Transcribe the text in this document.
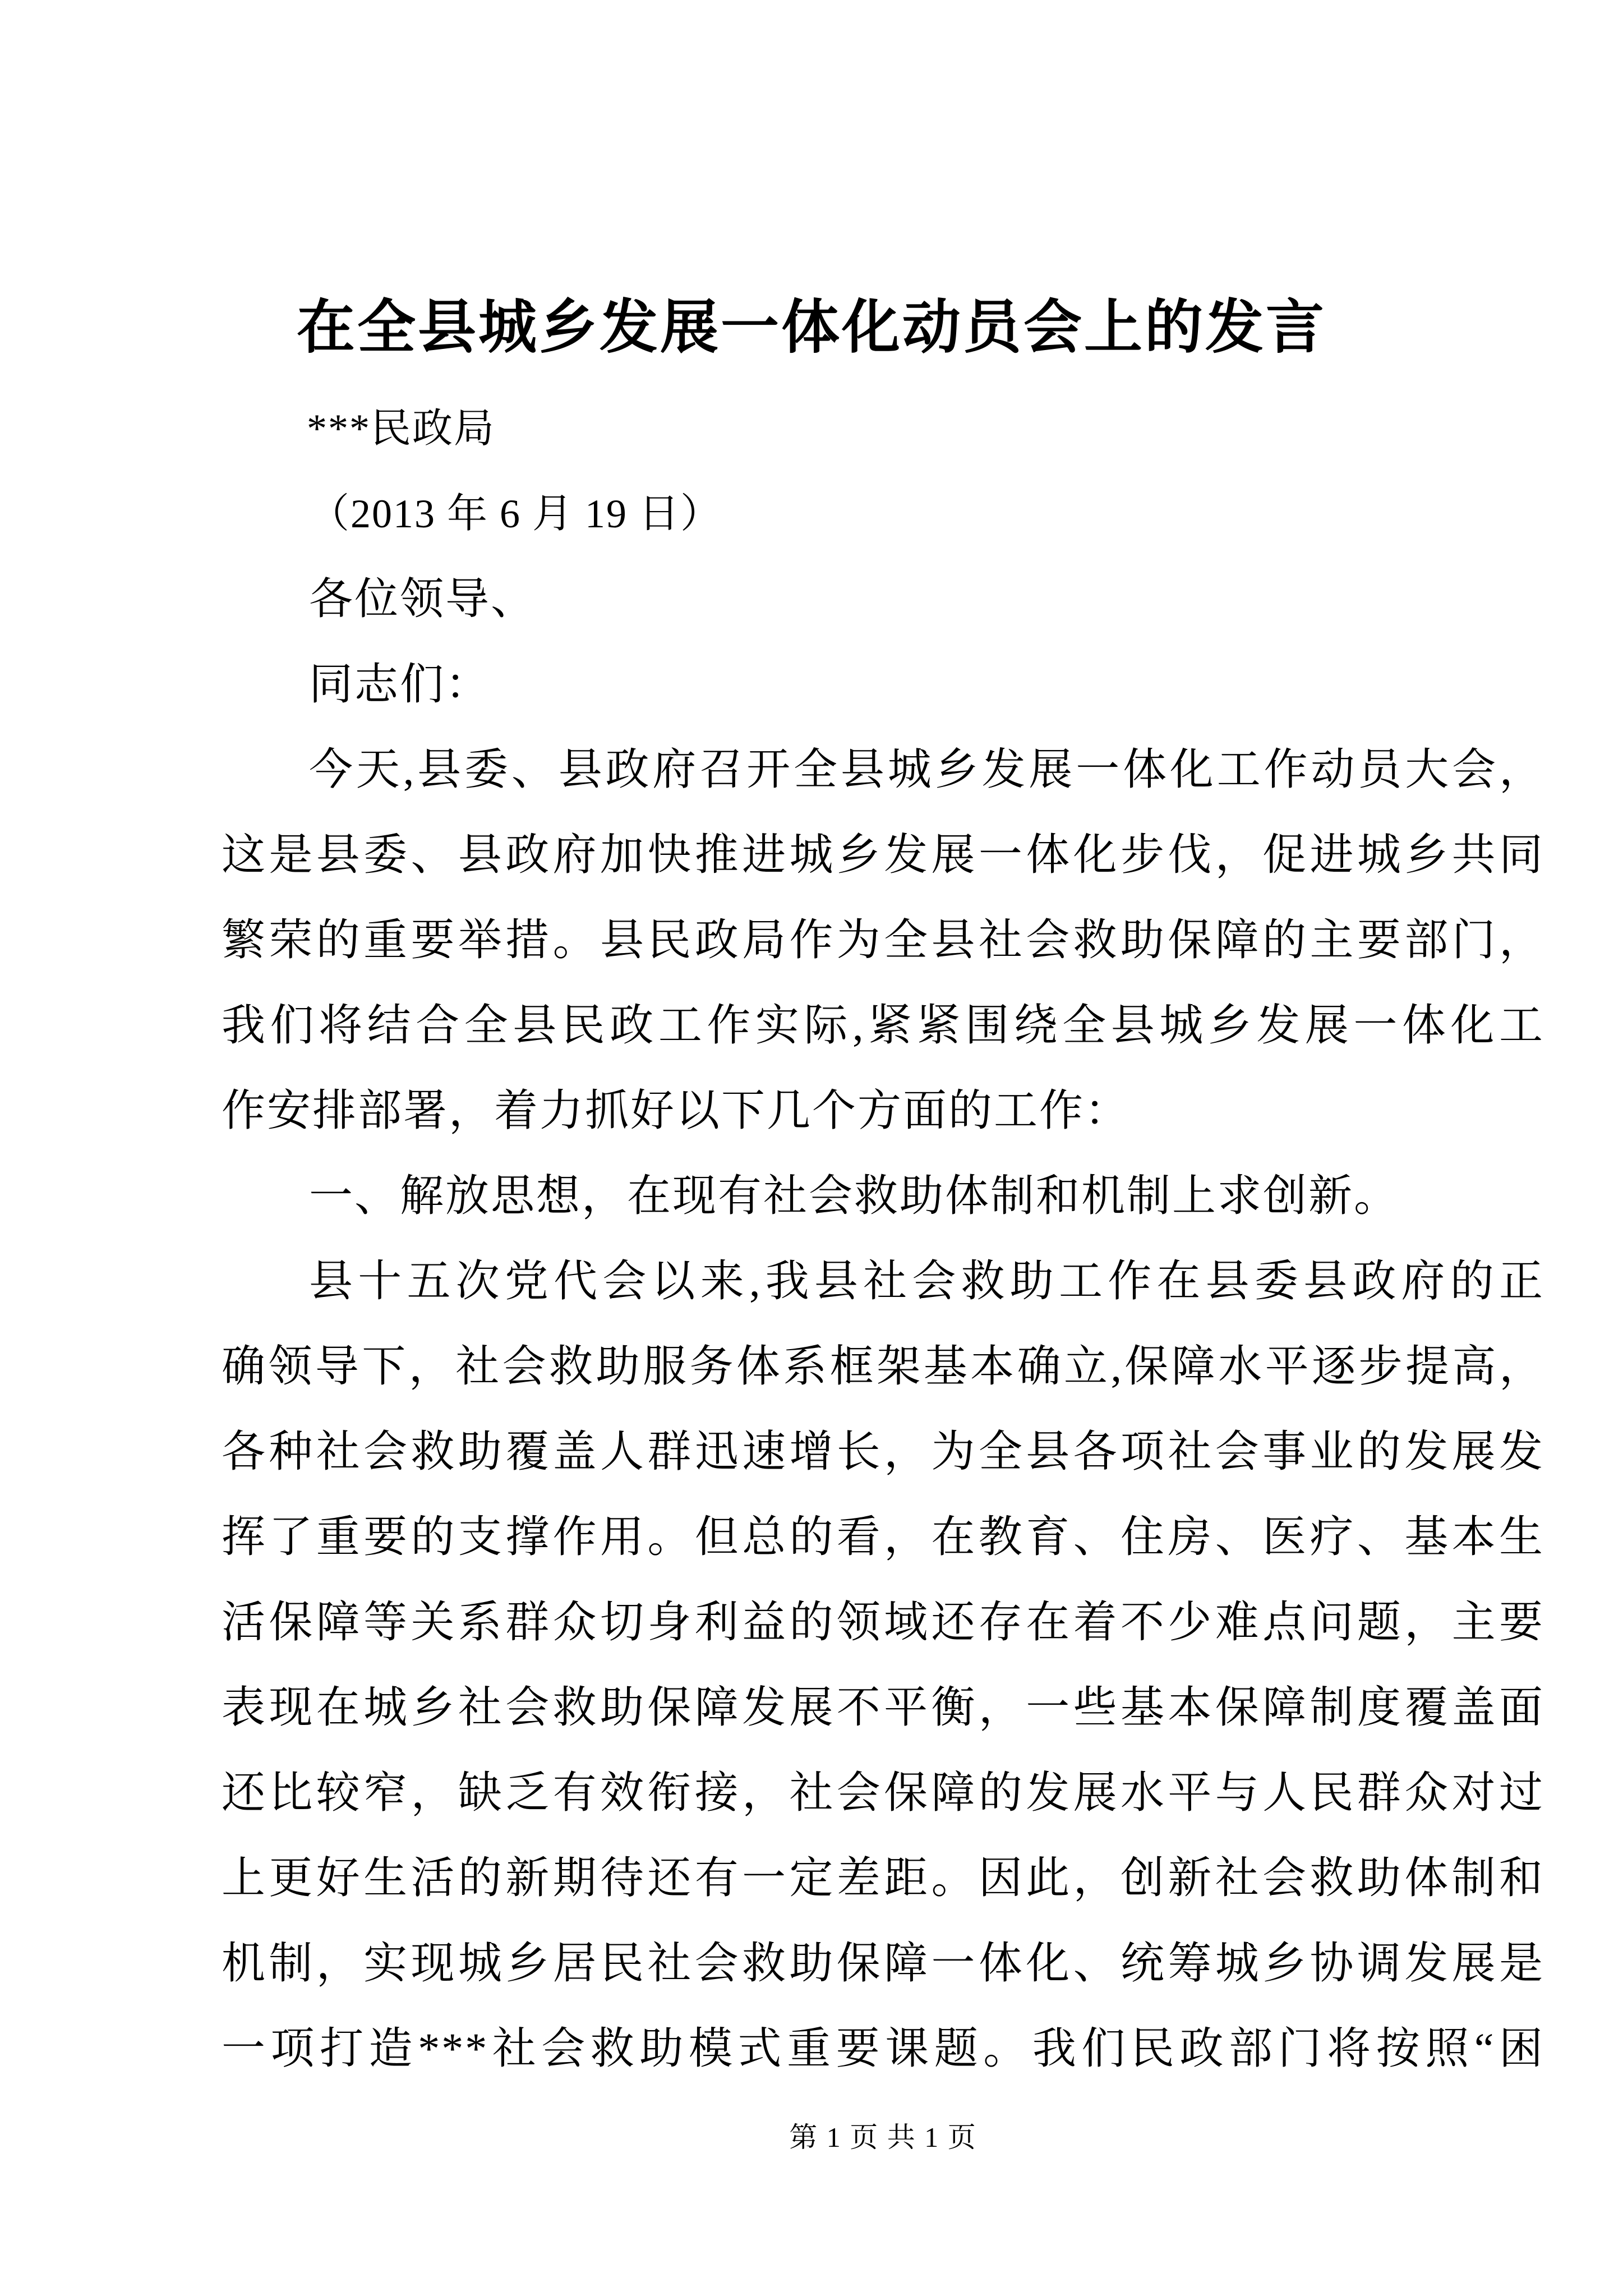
在全县城乡发展一体化动员会上的发言
***民政局
（2013 年 6 月 19 日）
各位领导、
同志们：
今天,县委、县政府召开全县城乡发展一体化工作动员大会，
这是县委、县政府加快推进城乡发展一体化步伐，促进城乡共同
繁荣的重要举措。县民政局作为全县社会救助保障的主要部门，
我们将结合全县民政工作实际,紧紧围绕全县城乡发展一体化工
作安排部署，着力抓好以下几个方面的工作：
一、解放思想，在现有社会救助体制和机制上求创新。
县十五次党代会以来,我县社会救助工作在县委县政府的正
确领导下，社会救助服务体系框架基本确立,保障水平逐步提高，
各种社会救助覆盖人群迅速增长，为全县各项社会事业的发展发
挥了重要的支撑作用。但总的看，在教育、住房、医疗、基本生
活保障等关系群众切身利益的领域还存在着不少难点问题，主要
表现在城乡社会救助保障发展不平衡，一些基本保障制度覆盖面
还比较窄，缺乏有效衔接，社会保障的发展水平与人民群众对过
上更好生活的新期待还有一定差距。因此，创新社会救助体制和
机制，实现城乡居民社会救助保障一体化、统筹城乡协调发展是
一项打造***社会救助模式重要课题。我们民政部门将按照“困
第 1 页 共 1 页
